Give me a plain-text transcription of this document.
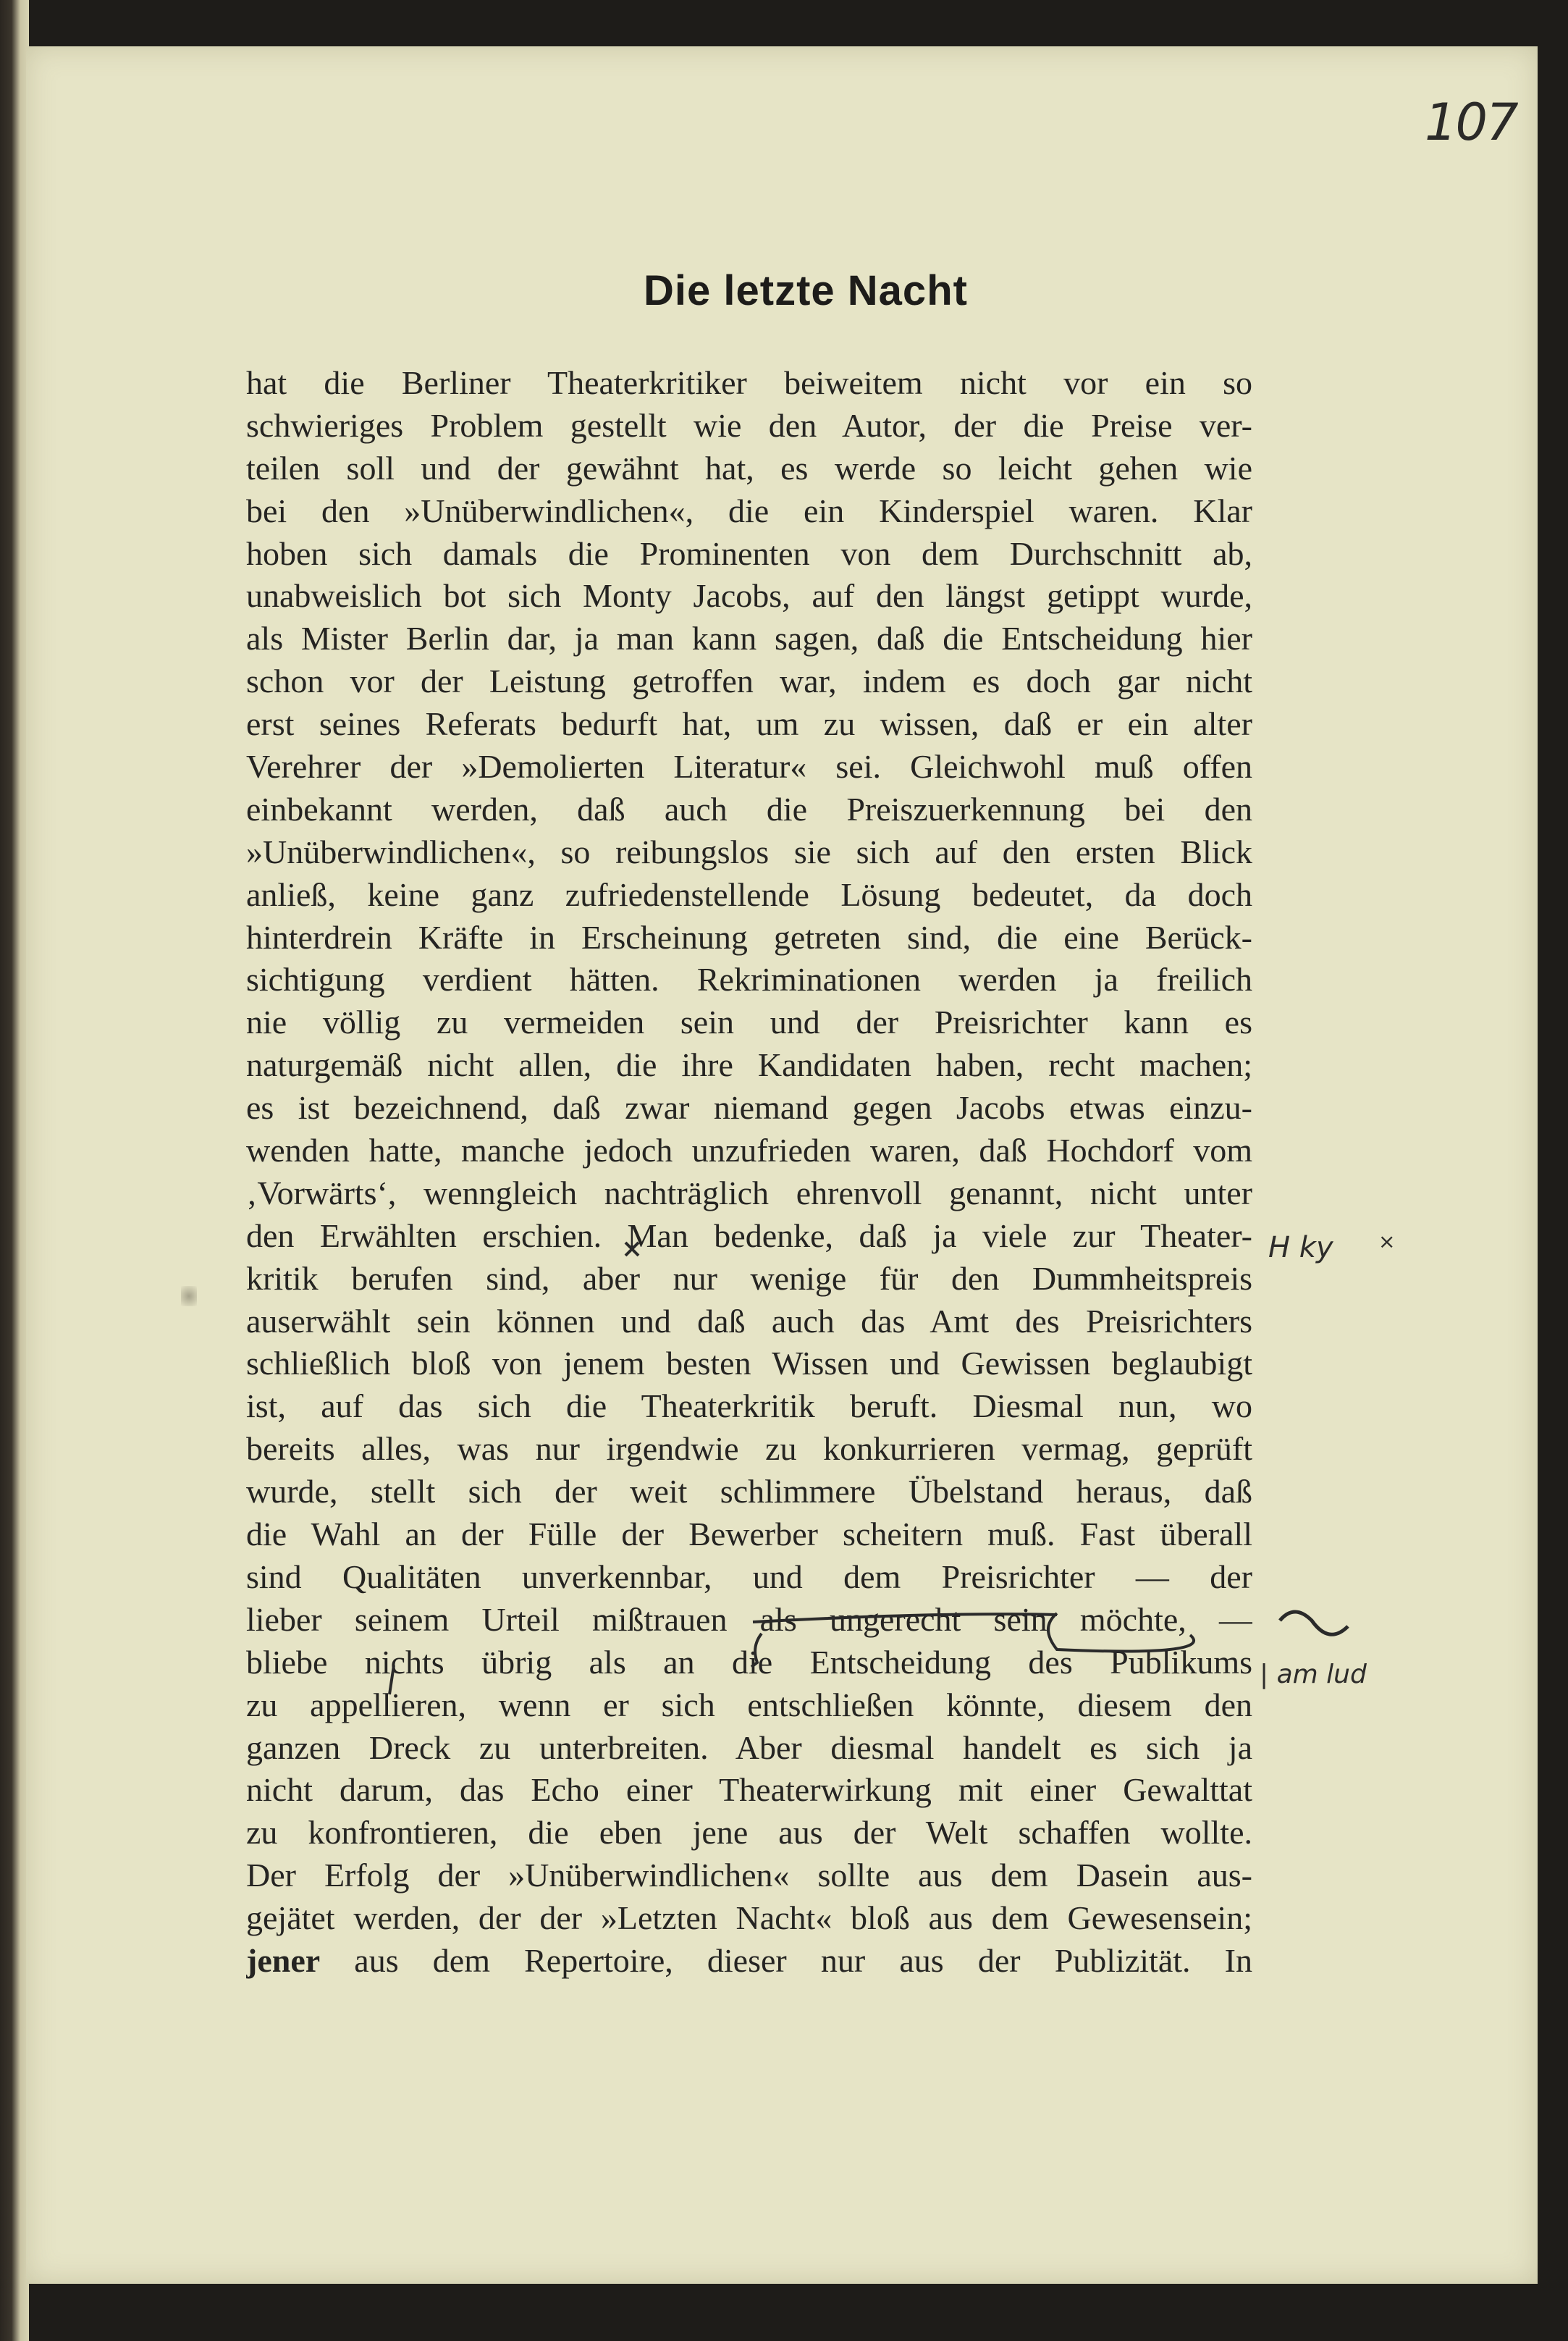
107
Die letzte Nacht
hat die Berliner Theaterkritiker beiweitem nicht vor ein so
schwieriges Problem gestellt wie den Autor, der die Preise ver-
teilen soll und der gewähnt hat, es werde so leicht gehen wie
bei den »Unüberwindlichen«, die ein Kinderspiel waren. Klar
hoben sich damals die Prominenten von dem Durchschnitt ab,
unabweislich bot sich Monty Jacobs, auf den längst getippt wurde,
als Mister Berlin dar, ja man kann sagen, daß die Entscheidung hier
schon vor der Leistung getroffen war, indem es doch gar nicht
erst seines Referats bedurft hat, um zu wissen, daß er ein alter
Verehrer der »Demolierten Literatur« sei. Gleichwohl muß offen
einbekannt werden, daß auch die Preiszuerkennung bei den
»Unüberwindlichen«, so reibungslos sie sich auf den ersten Blick
anließ, keine ganz zufriedenstellende Lösung bedeutet, da doch
hinterdrein Kräfte in Erscheinung getreten sind, die eine Berück-
sichtigung verdient hätten. Rekriminationen werden ja freilich
nie völlig zu vermeiden sein und der Preisrichter kann es
naturgemäß nicht allen, die ihre Kandidaten haben, recht machen;
es ist bezeichnend, daß zwar niemand gegen Jacobs etwas einzu-
wenden hatte, manche jedoch unzufrieden waren, daß Hochdorf vom
‚Vorwärts‘, wenngleich nachträglich ehrenvoll genannt, nicht unter
den Erwählten erschien. Man bedenke, daß ja viele zur Theater-
kritik berufen sind, aber nur wenige für den Dummheitspreis
auserwählt sein können und daß auch das Amt des Preisrichters
schließlich bloß von jenem besten Wissen und Gewissen beglaubigt
ist, auf das sich die Theaterkritik beruft. Diesmal nun, wo
bereits alles, was nur irgendwie zu konkurrieren vermag, geprüft
wurde, stellt sich der weit schlimmere Übelstand heraus, daß
die Wahl an der Fülle der Bewerber scheitern muß. Fast überall
sind Qualitäten unverkennbar, und dem Preisrichter — der
lieber seinem Urteil mißtrauen als ungerecht sein möchte, —
bliebe nichts übrig als an die Entscheidung des Publikums
zu appellieren, wenn er sich entschließen könnte, diesem den
ganzen Dreck zu unterbreiten. Aber diesmal handelt es sich ja
nicht darum, das Echo einer Theaterwirkung mit einer Gewalttat
zu konfrontieren, die eben jene aus der Welt schaffen wollte.
Der Erfolg der »Unüberwindlichen« sollte aus dem Dasein aus-
gejätet werden, der der »Letzten Nacht« bloß aus dem Gewesensein;
jener aus dem Repertoire, dieser nur aus der Publizität. In
H ky ×
| am lud
